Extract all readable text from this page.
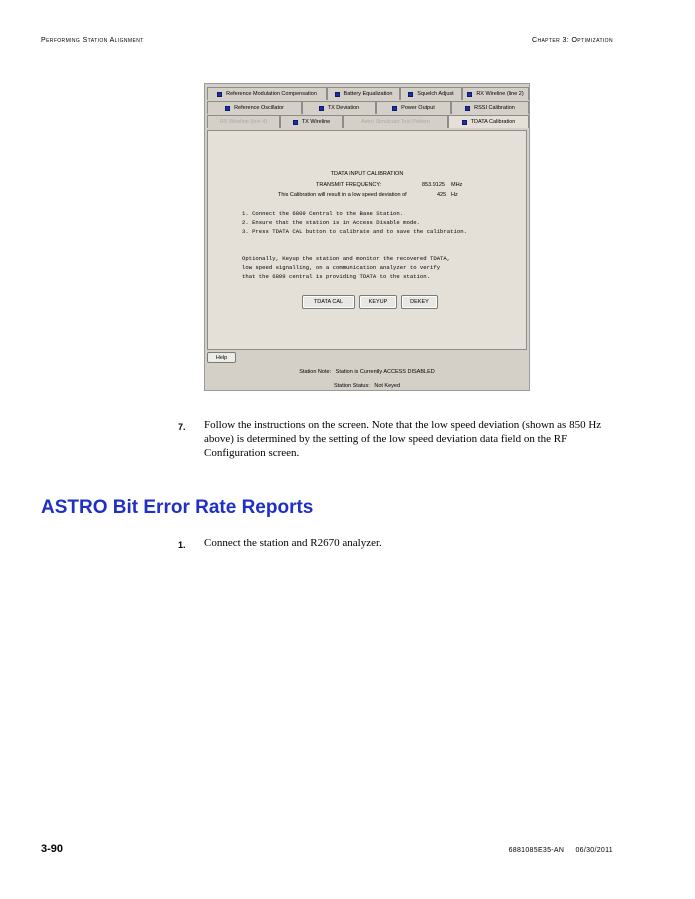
Performing Station Alignment	Chapter 3: Optimization
Reference Modulation Compensation	Battery Equalization	Squelch Adjust	RX Wireline (line 2)
Reference Oscillator	TX Deviation	Power Output	RSSI Calibration
RX Wireline (line 4)	TX Wireline	Astro Simulcast Test Pattern	TDATA Calibration
TDATA INPUT CALIBRATION
TRANSMIT FREQUENCY:	853.9125 MHz
This Calibration will result in a low speed deviation of	425 Hz
1. Connect the 6809 Central to the Base Station.
2. Ensure that the station is in Access Disable mode.
3. Press TDATA CAL button to calibrate and to save the calibration.
Optionally, Keyup the station and monitor the recovered TDATA,
low speed signalling, on a communication analyzer to verify
that the 6809 central is providing TDATA to the station.
TDATA CAL	KEYUP	DEKEY
Help
Station Note: Station is Currently ACCESS DISABLED
Station Status: Not Keyed
7. Follow the instructions on the screen. Note that the low speed deviation (shown as 850 Hz
above) is determined by the setting of the low speed deviation data field on the RF
Configuration screen.
ASTRO Bit Error Rate Reports
1. Connect the station and R2670 analyzer.
3-90	6881085E35-AN     06/30/2011
